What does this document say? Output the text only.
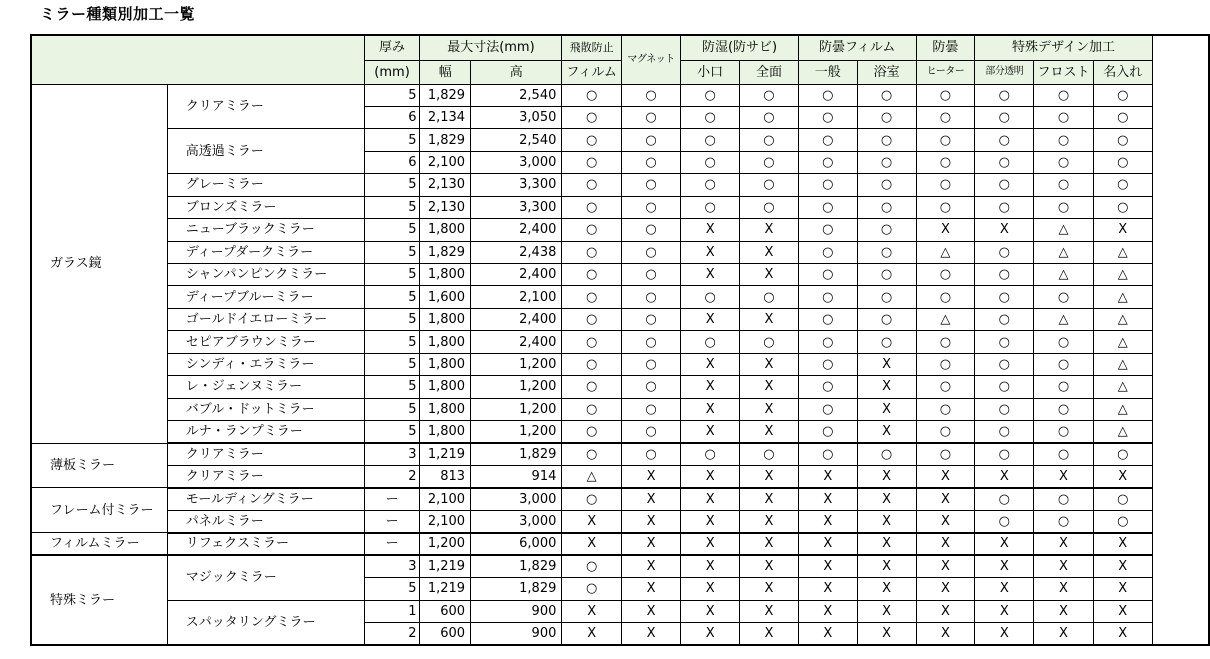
ミラー種類別加工一覧
		厚み	最大寸法(mm)		飛散防止	マグネット	防湿(防サビ)		防曇フィルム		防曇	特殊デザイン加工		
		(mm)	幅	高	フィルム		小口	全面	一般	浴室	ヒーター	部分透明	フロスト	名入れ
ガラス鏡	クリアミラー	5	1,829	2,540	○	○	○	○	○	○	○	○	○	○
		6	2,134	3,050	○	○	○	○	○	○	○	○	○	○
	高透過ミラー	5	1,829	2,540	○	○	○	○	○	○	○	○	○	○
		6	2,100	3,000	○	○	○	○	○	○	○	○	○	○
	グレーミラー	5	2,130	3,300	○	○	○	○	○	○	○	○	○	○
	ブロンズミラー	5	2,130	3,300	○	○	○	○	○	○	○	○	○	○
	ニューブラックミラー	5	1,800	2,400	○	○	X	X	○	○	X	X	△	X
	ディープダークミラー	5	1,829	2,438	○	○	X	X	○	○	△	○	△	△
	シャンパンピンクミラー	5	1,800	2,400	○	○	X	X	○	○	○	○	△	△
	ディープブルーミラー	5	1,600	2,100	○	○	○	○	○	○	○	○	○	△
	ゴールドイエローミラー	5	1,800	2,400	○	○	X	X	○	○	△	○	△	△
	セピアブラウンミラー	5	1,800	2,400	○	○	○	○	○	○	○	○	○	△
	シンディ・エラミラー	5	1,800	1,200	○	○	X	X	○	X	○	○	○	△
	レ・ジェンヌミラー	5	1,800	1,200	○	○	X	X	○	X	○	○	○	△
	バブル・ドットミラー	5	1,800	1,200	○	○	X	X	○	X	○	○	○	△
	ルナ・ランプミラー	5	1,800	1,200	○	○	X	X	○	X	○	○	○	△
薄板ミラー	クリアミラー	3	1,219	1,829	○	○	○	○	○	○	○	○	○	○
	クリアミラー	2	813	914	△	X	X	X	X	X	X	X	X	X
フレーム付ミラー	モールディングミラー	ー	2,100	3,000	○	X	X	X	X	X	X	○	○	○
	パネルミラー	ー	2,100	3,000	X	X	X	X	X	X	X	○	○	○
フィルムミラー	リフェクスミラー	ー	1,200	6,000	X	X	X	X	X	X	X	X	X	X
特殊ミラー	マジックミラー	3	1,219	1,829	○	X	X	X	X	X	X	X	X	X
		5	1,219	1,829	○	X	X	X	X	X	X	X	X	X
	スパッタリングミラー	1	600	900	X	X	X	X	X	X	X	X	X	X
		2	600	900	X	X	X	X	X	X	X	X	X	X
